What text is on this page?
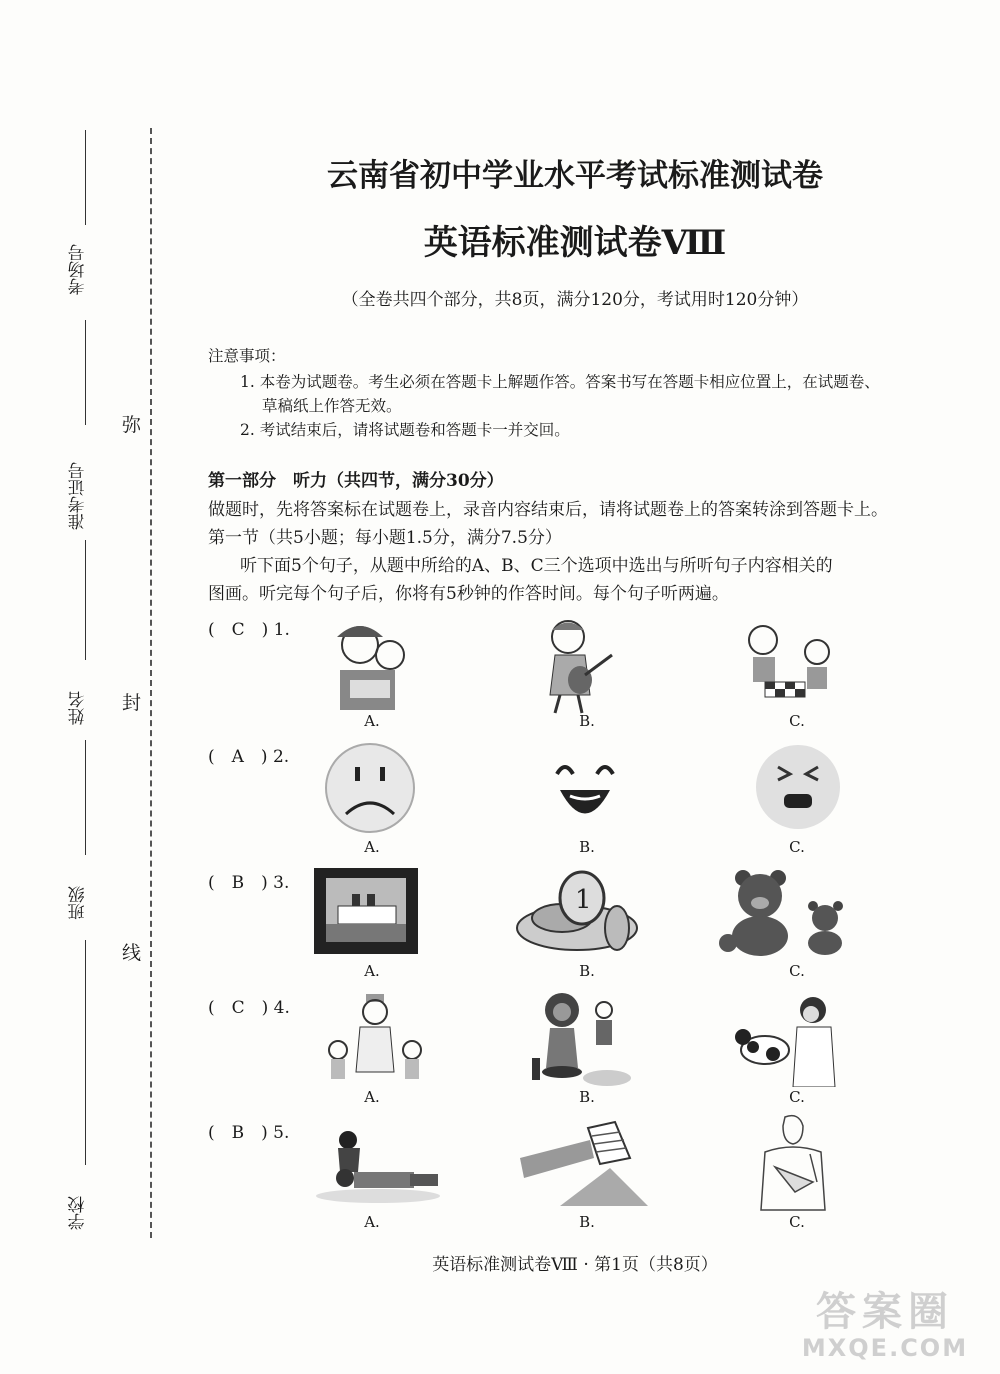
考场号
准考证号
姓名
班级
学校
弥
封
线
云南省初中学业水平考试标准测试卷
英语标准测试卷Ⅷ
（全卷共四个部分，共8页，满分120分，考试用时120分钟）
注意事项：
1. 本卷为试题卷。考生必须在答题卡上解题作答。答案书写在答题卡相应位置上，在试题卷、
草稿纸上作答无效。
2. 考试结束后，请将试题卷和答题卡一并交回。
第一部分　听力（共四节，满分30分）
做题时，先将答案标在试题卷上，录音内容结束后，请将试题卷上的答案转涂到答题卡上。
第一节（共5小题；每小题1.5分，满分7.5分）
听下面5个句子，从题中所给的A、B、C三个选项中选出与所听句子内容相关的
图画。听完每个句子后，你将有5秒钟的作答时间。每个句子听两遍。
(　C　) 1.
A.	B.	C.
(　A　) 2.
A.	B.	C.
(　B　) 3.
1
A.	B.	C.
(　C　) 4.
A.	B.	C.
(　B　) 5.
A.	B.	C.
英语标准测试卷Ⅷ · 第1页（共8页）
答案圈
MXQE.COM
